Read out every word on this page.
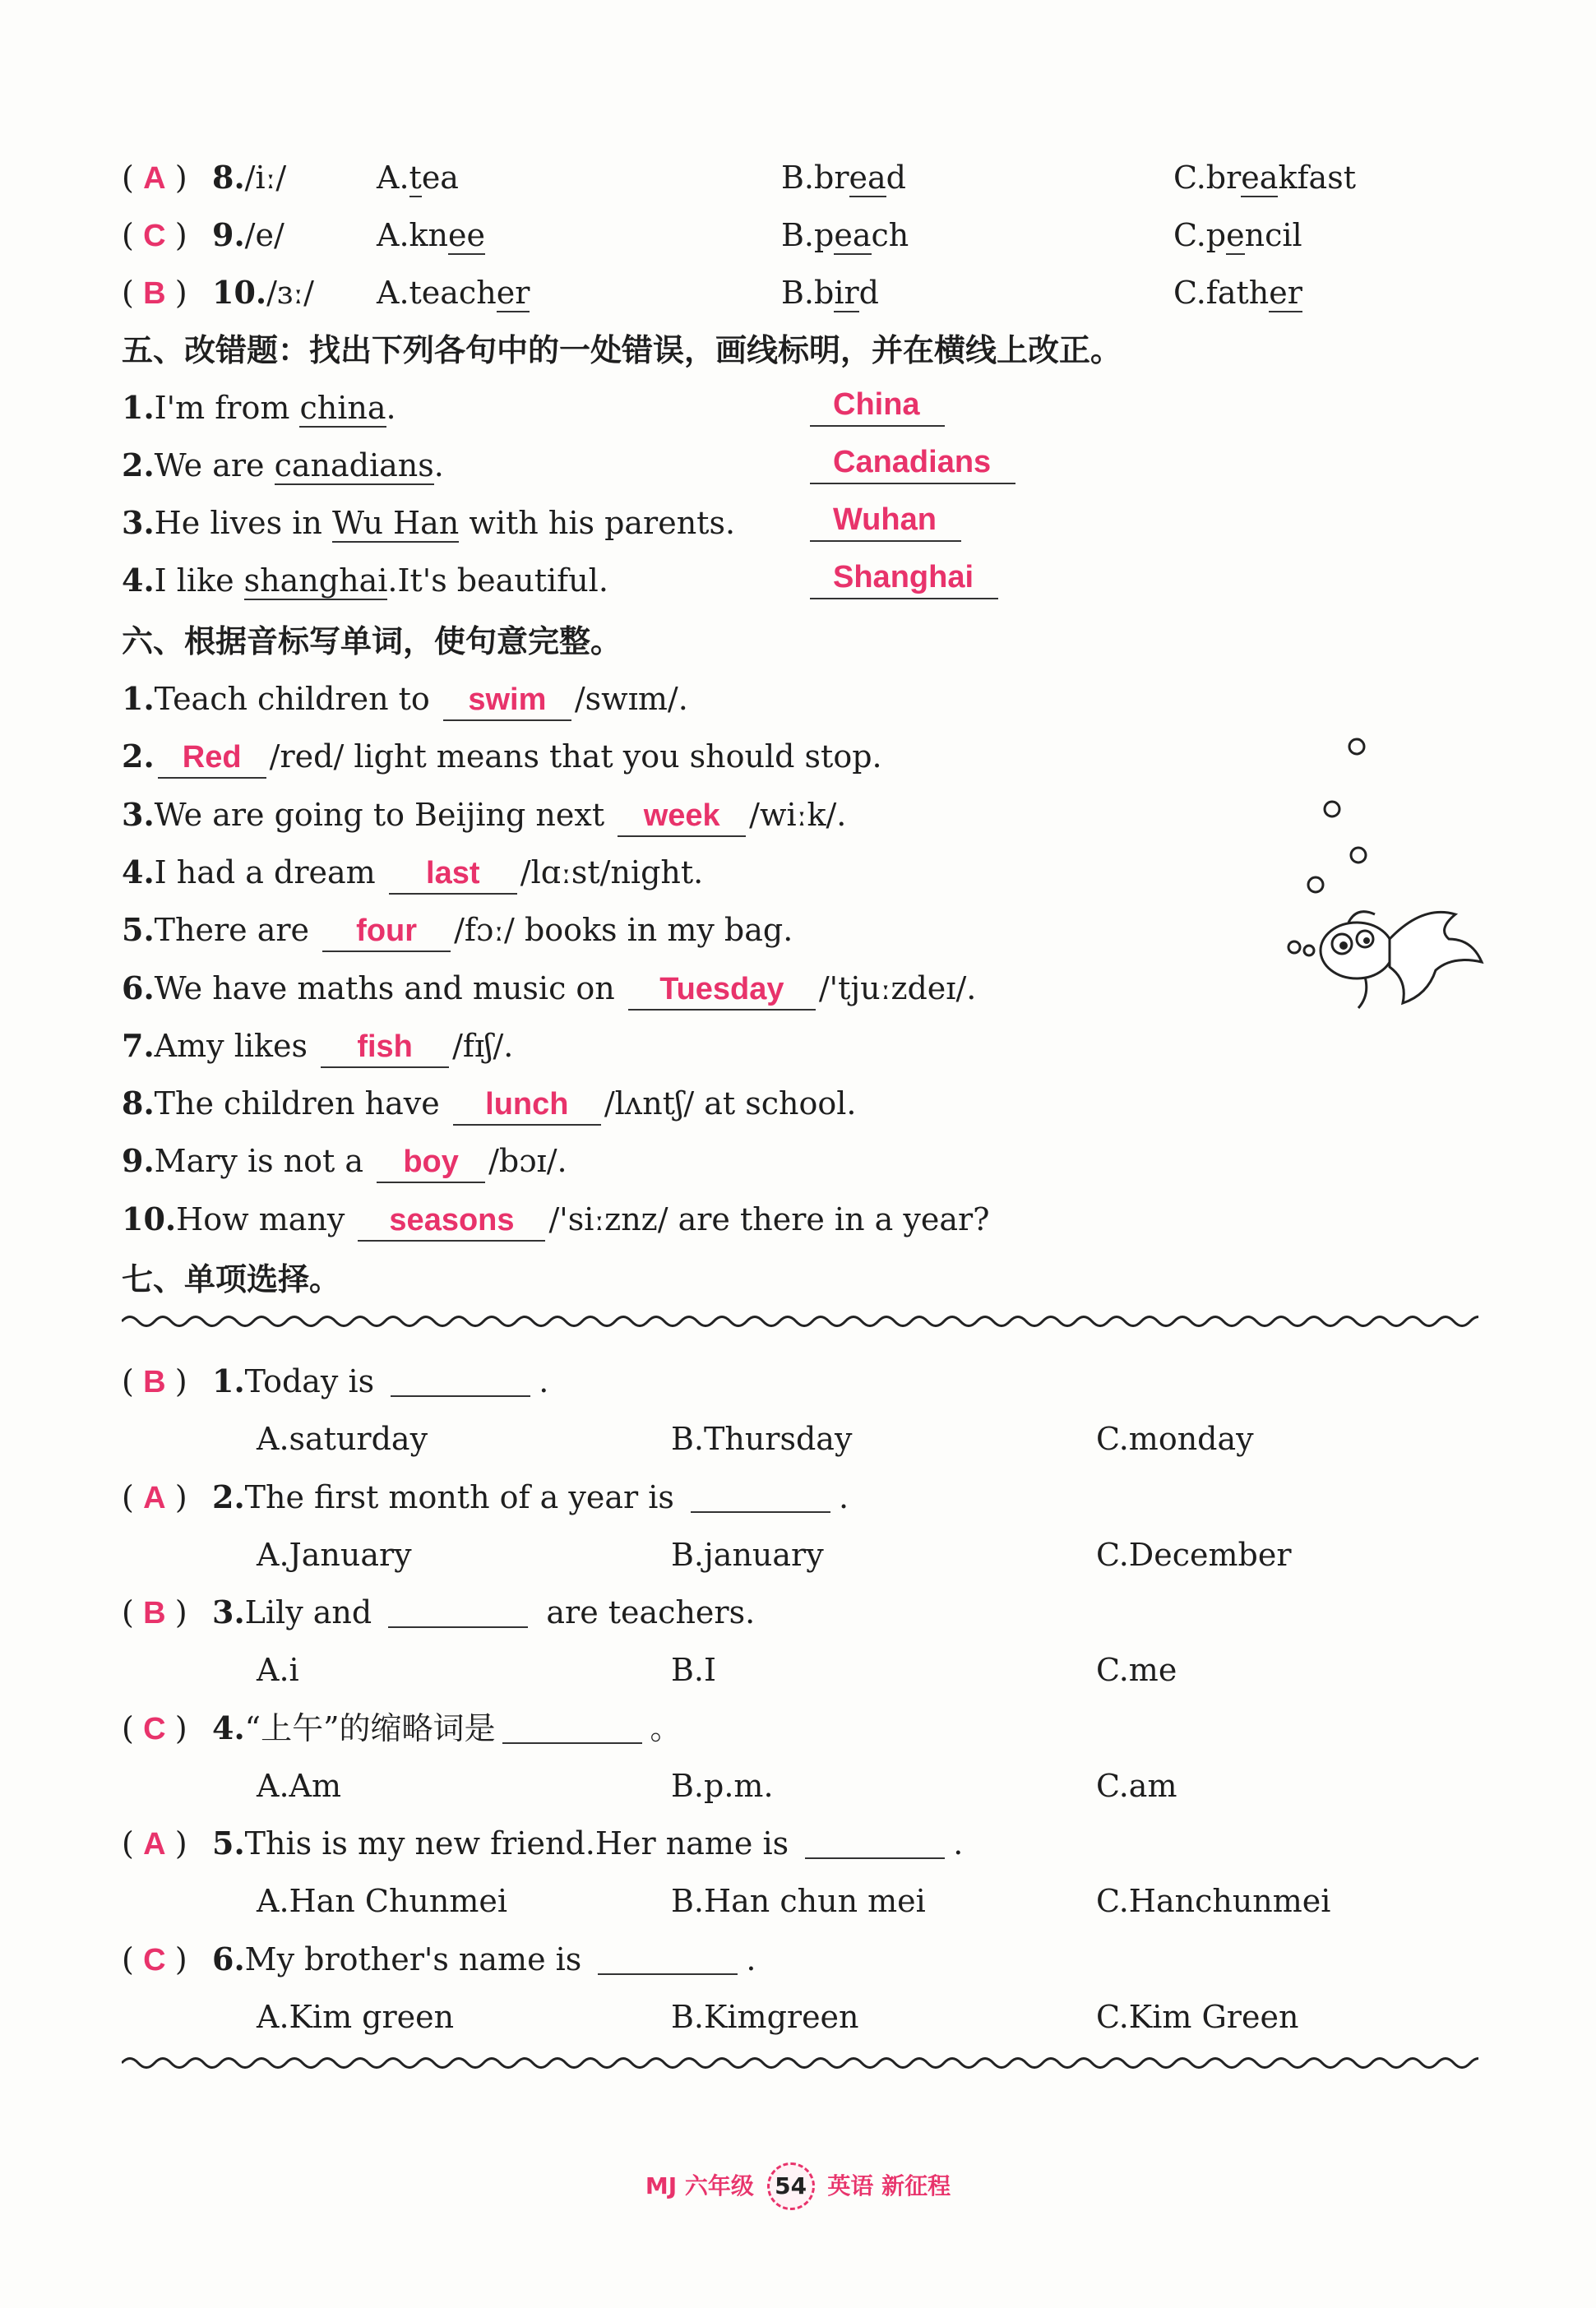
( A ) 8./iː/	A.tea	B.bread	C.breakfast
( C ) 9./e/	A.knee	B.peach	C.pencil
( B ) 10./ɜː/ A.teacher	B.bird	C.father
五、改错题：找出下列各句中的一处错误，画线标明，并在横线上改正。
1.I'm from china.	China
2.We are canadians.	Canadians
3.He lives in Wu Han with his parents.	Wuhan
4.I like shanghai.It's beautiful.	Shanghai
六、根据音标写单词，使句意完整。
1.Teach children to swim /swɪm/.
2. Red /red/ light means that you should stop.
3.We are going to Beijing next week /wiːk/.
4.I had a dream last /lɑːst/night.
5.There are four /fɔː/ books in my bag.
6.We have maths and music on Tuesday /'tjuːzdeɪ/.
7.Amy likes fish /fɪʃ/.
8.The children have lunch /lʌntʃ/ at school.
9.Mary is not a boy /bɔɪ/.
10.How many seasons /'siːznz/ are there in a year?
七、单项选择。
( B ) 1.Today is	.
A.saturday	B.Thursday	C.monday
( A ) 2.The first month of a year is	.
A.January	B.january	C.December
( B ) 3.Lily and	are teachers.
A.i	B.I	C.me
( C ) 4.“上午”的缩略词是	。
A.Am	B.p.m.	C.am
( A ) 5.This is my new friend.Her name is	.
A.Han Chunmei	B.Han chun mei	C.Hanchunmei
( C ) 6.My brother's name is	.
A.Kim green	B.Kimgreen	C.Kim Green
MJ 六年级 54 英语 新征程
